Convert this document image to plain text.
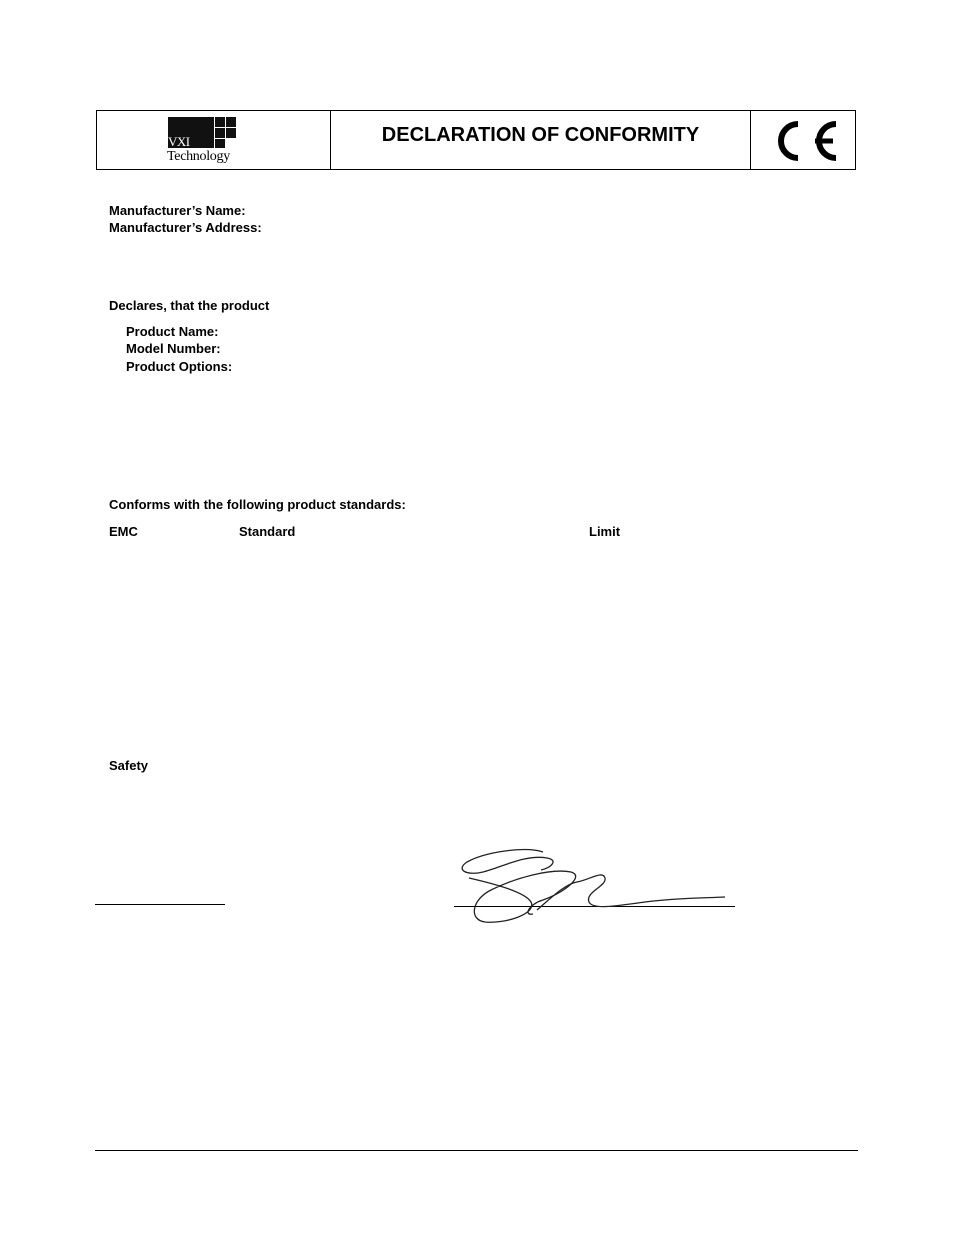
VXI
Technology
DECLARATION OF CONFORMITY
Manufacturer’s Name:
Manufacturer’s Address:
Declares, that the product
Product Name:
Model Number:
Product Options:
Conforms with the following product standards:
EMC	Standard	Limit
Safety
